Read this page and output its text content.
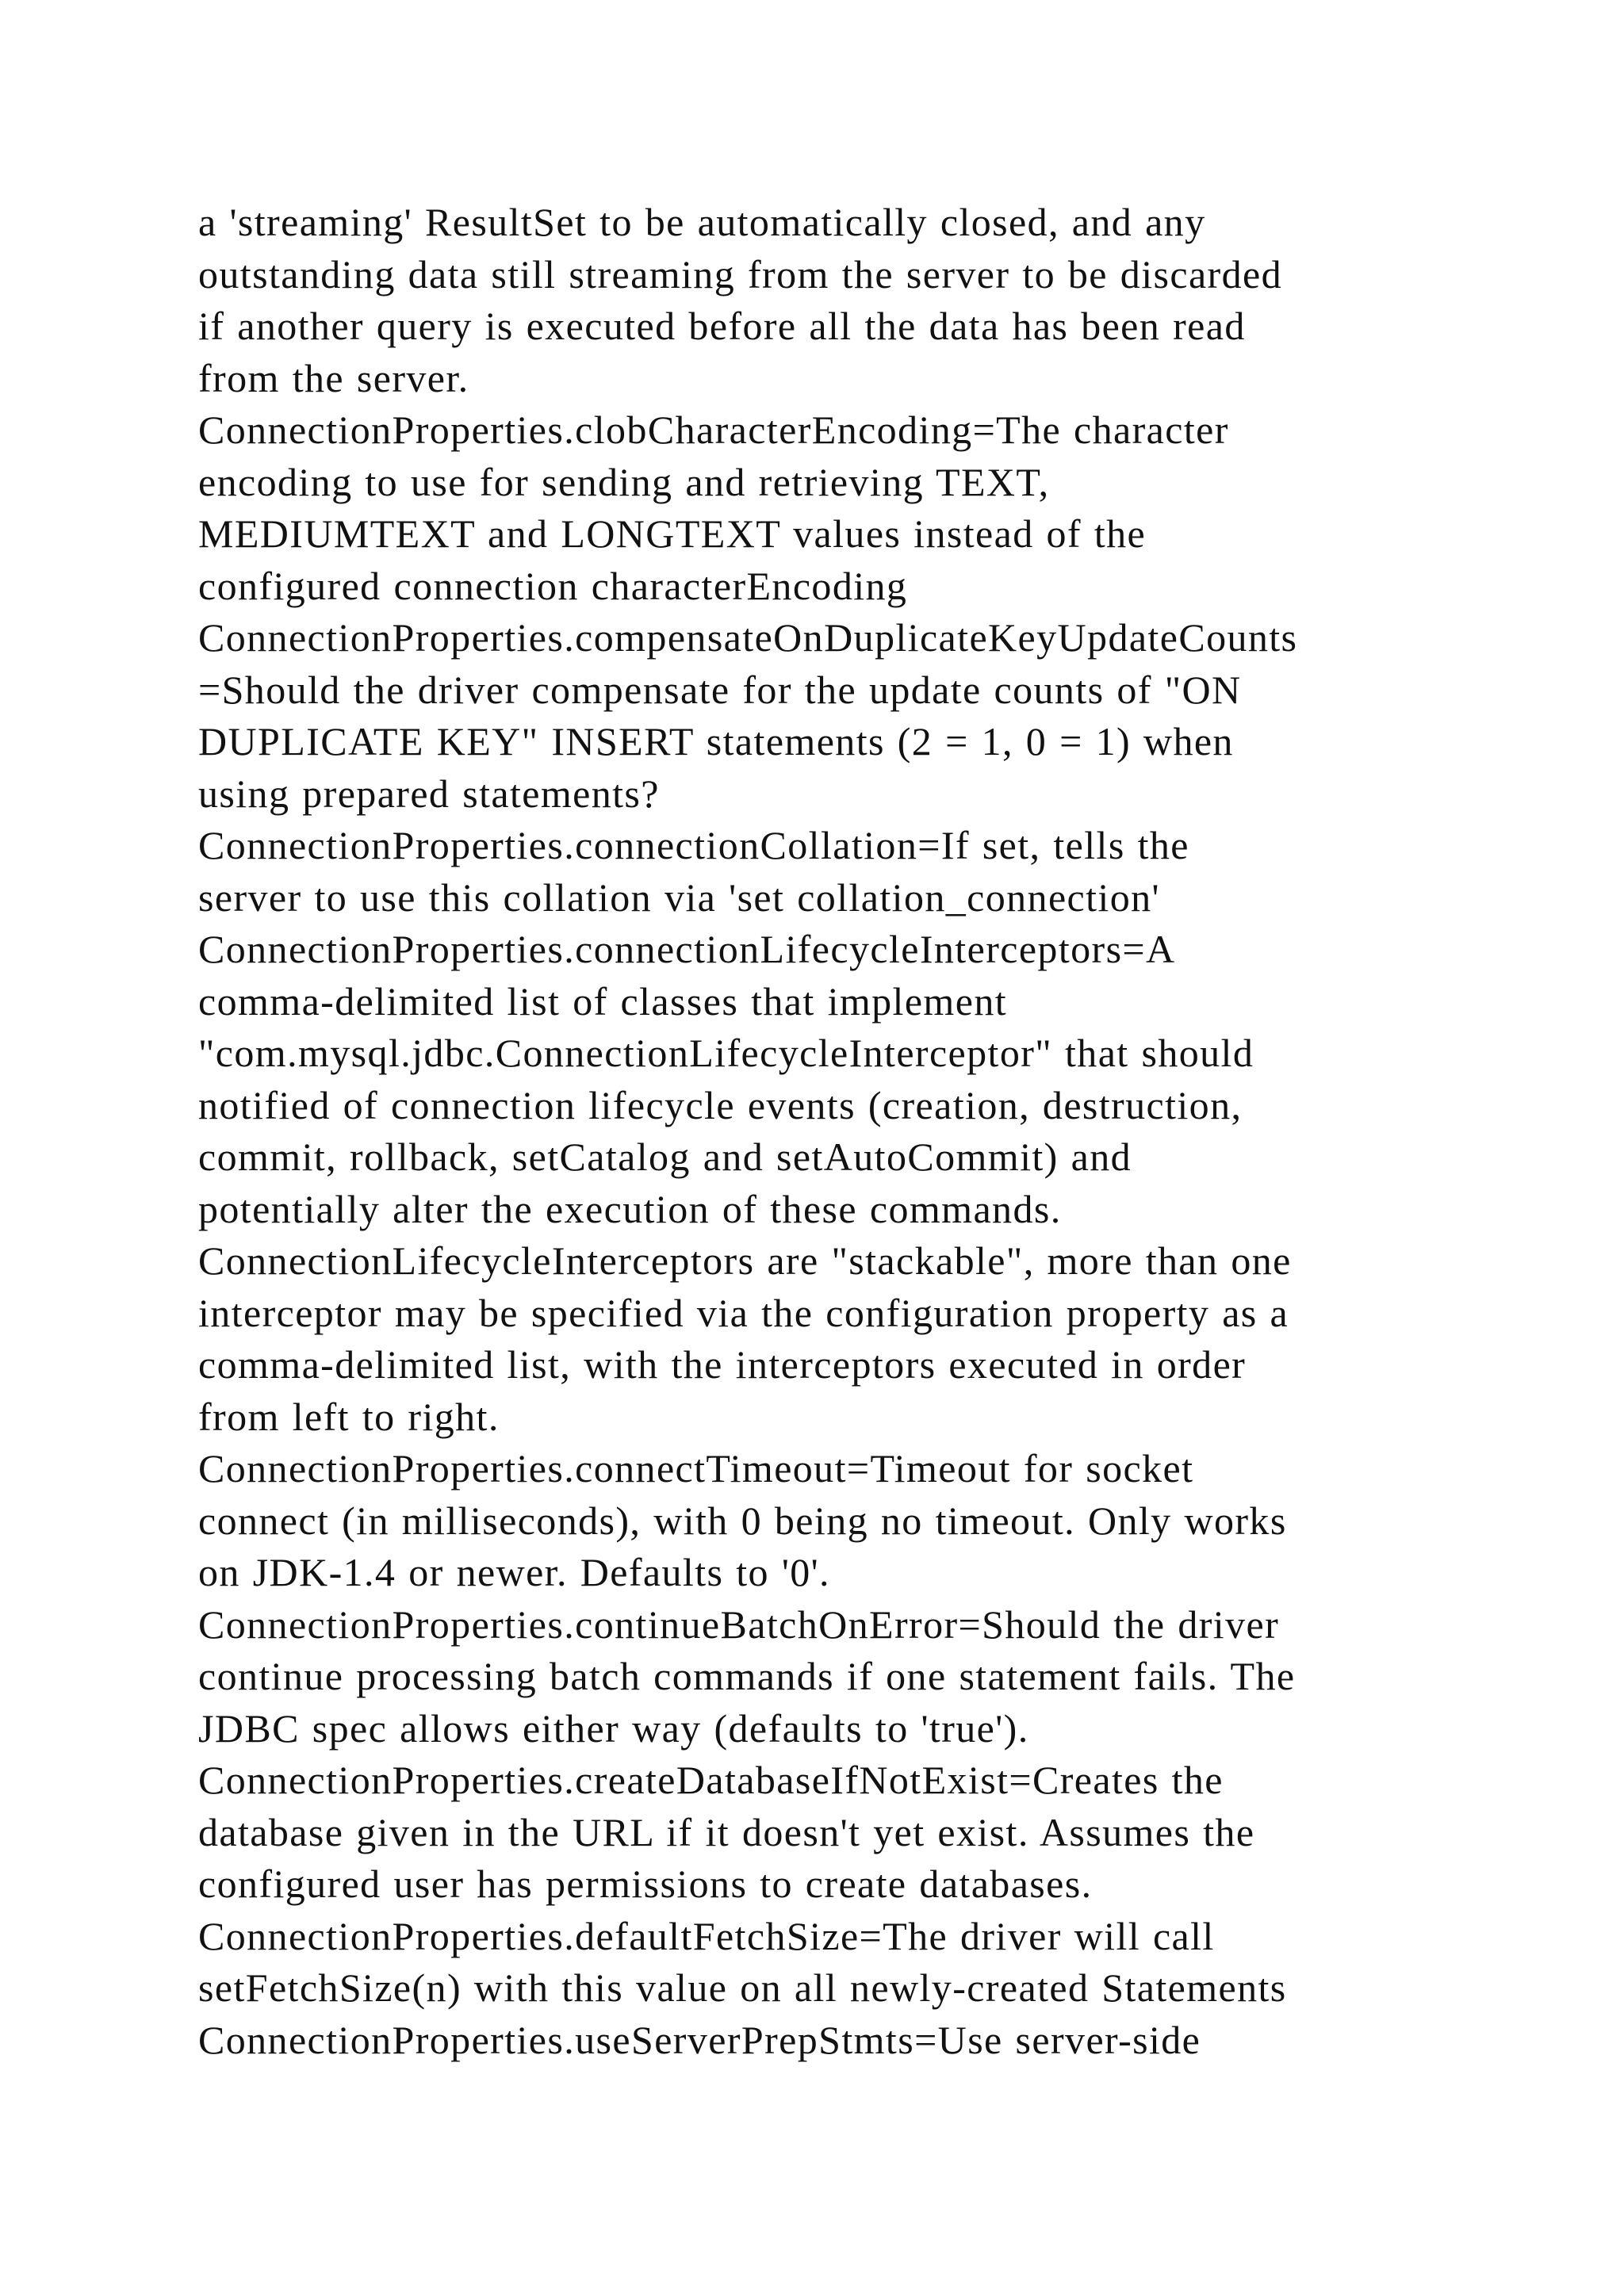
a 'streaming' ResultSet to be automatically closed, and any
outstanding data still streaming from the server to be discarded
if another query is executed before all the data has been read
from the server.
ConnectionProperties.clobCharacterEncoding=The character
encoding to use for sending and retrieving TEXT,
MEDIUMTEXT and LONGTEXT values instead of the
configured connection characterEncoding
ConnectionProperties.compensateOnDuplicateKeyUpdateCounts
=Should the driver compensate for the update counts of "ON
DUPLICATE KEY" INSERT statements (2 = 1, 0 = 1) when
using prepared statements?
ConnectionProperties.connectionCollation=If set, tells the
server to use this collation via 'set collation_connection'
ConnectionProperties.connectionLifecycleInterceptors=A
comma-delimited list of classes that implement
"com.mysql.jdbc.ConnectionLifecycleInterceptor" that should
notified of connection lifecycle events (creation, destruction,
commit, rollback, setCatalog and setAutoCommit) and
potentially alter the execution of these commands.
ConnectionLifecycleInterceptors are "stackable", more than one
interceptor may be specified via the configuration property as a
comma-delimited list, with the interceptors executed in order
from left to right.
ConnectionProperties.connectTimeout=Timeout for socket
connect (in milliseconds), with 0 being no timeout. Only works
on JDK-1.4 or newer. Defaults to '0'.
ConnectionProperties.continueBatchOnError=Should the driver
continue processing batch commands if one statement fails. The
JDBC spec allows either way (defaults to 'true').
ConnectionProperties.createDatabaseIfNotExist=Creates the
database given in the URL if it doesn't yet exist. Assumes the
configured user has permissions to create databases.
ConnectionProperties.defaultFetchSize=The driver will call
setFetchSize(n) with this value on all newly-created Statements
ConnectionProperties.useServerPrepStmts=Use server-side
